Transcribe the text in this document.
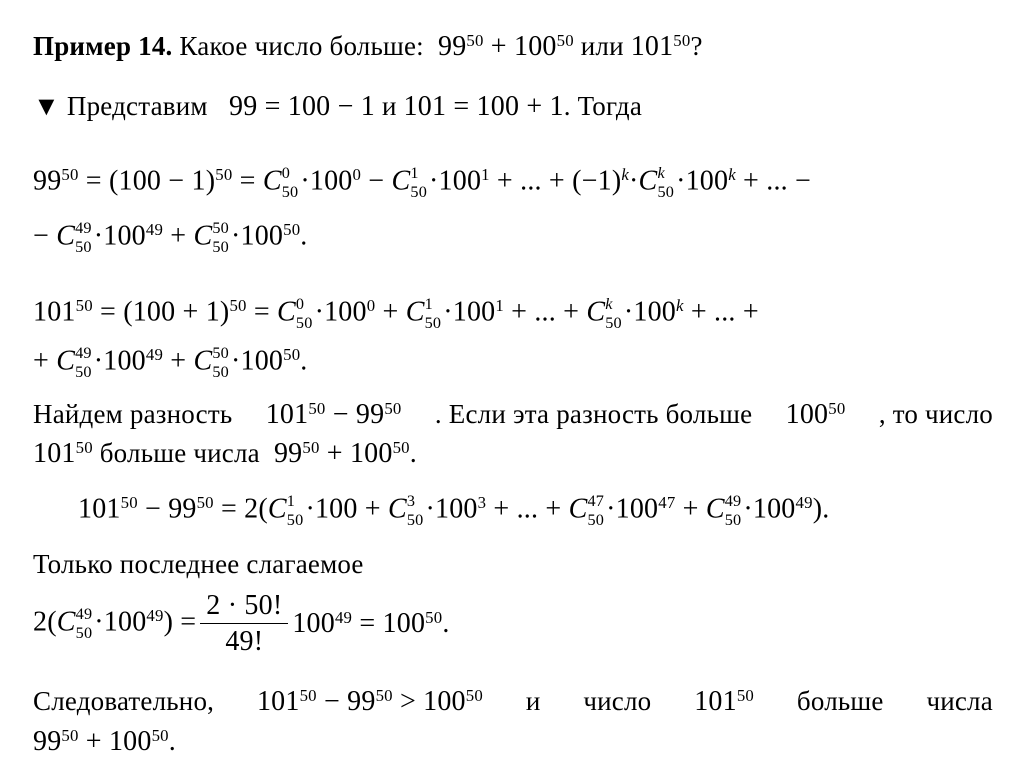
Пример 14. Какое число больше:  $99^{50} + 100^{50}$ или $101^{50}$?
▼ Представим   99 = 100 − 1 и 101 = 100 + 1. Тогда
$99^{50} = (100 - 1)^{50} = C$ 0
$50 \cdot 100^0 - C$ 1
$50 \cdot 100^1$ + ... + $(-1)^k\cdot C$ k
$50 \cdot 100^k$ + ... −
− C 49
$50 \cdot 100^{49} + C$ 50
$50 \cdot 100^{50}$.
$101^{50} = (100 + 1)^{50} = C$ 0
$50 \cdot 100^0 + C$ 1
$50 \cdot 100^1$ + ... + C k
$50 \cdot 100^k$ + ... +
+ C 49
$50 \cdot 100^{49} + C$ 50
$50 \cdot 100^{50}$.
Найдем разность $101^{50} - 99^{50}$ . Если эта разность больше $100^{50}$ , то число
$101^{50}$ больше числа  $99^{50} + 100^{50}$.
$101^{50} - 99^{50} = 2(C$ 1
50 ·100 + C 3
$50 \cdot 100^3$ + ... + C 47
$50 \cdot 100^{47} + C$ 49
$50 \cdot 100^{49}$).
Только последнее слагаемое
2(C 49
$50 \cdot 100^{49}) = \frac{2 \cdot 50!}{49!} 100^{49} = 100^{50}$.
Следовательно, $101^{50} - 99^{50} > 100^{50}$ и число $101^{50}$ больше числа
$99^{50} + 100^{50}$.
